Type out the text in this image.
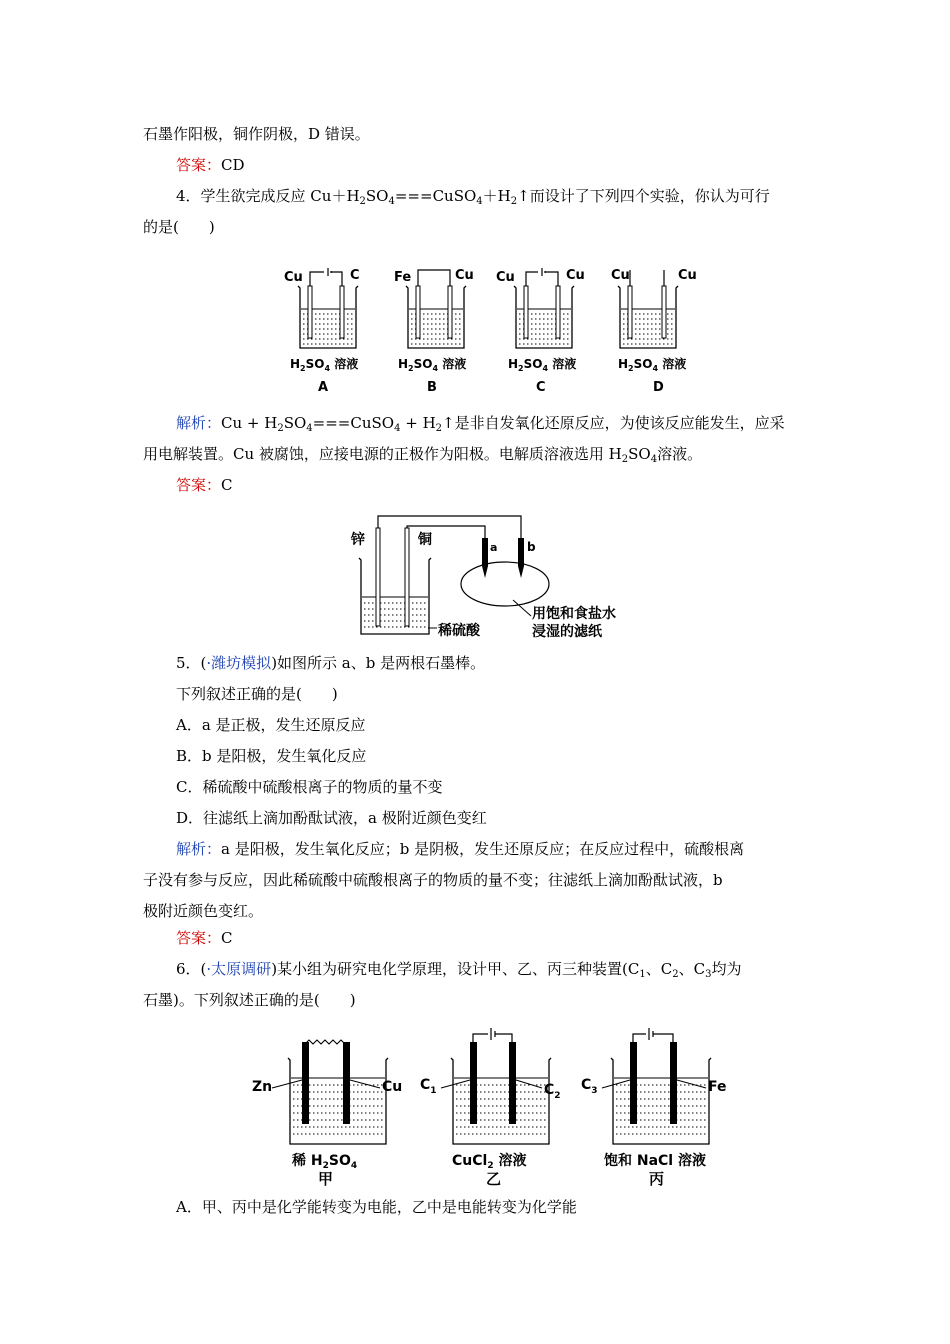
石墨作阳极，铜作阴极，D 错误。
答案：CD
4．学生欲完成反应 $Cu+H_2SO_4===CuSO_4+H_2↑$而设计了下列四个实验，你认为可行
的是(　　)
Cu	C
$H_2SO_4$ 溶液
A
Fe	Cu
$H_2SO_4$ 溶液
B
Cu	Cu
$H_2SO_4$ 溶液
C
Cu	Cu
$H_2SO_4$ 溶液
D
解析：$Cu + H_2SO_4===CuSO_4$ + $H_2↑$是非自发氧化还原反应，为使该反应能发生，应采
用电解装置。Cu 被腐蚀，应接电源的正极作为阳极。电解质溶液选用 $H_2SO_4$溶液。
答案：C
锌	铜
稀硫酸
a b
用饱和食盐水
浸湿的滤纸
5．(·潍坊模拟)如图所示 a、b 是两根石墨棒。
下列叙述正确的是(　　)
A．a 是正极，发生还原反应
B．b 是阳极，发生氧化反应
C．稀硫酸中硫酸根离子的物质的量不变
D．往滤纸上滴加酚酞试液，a 极附近颜色变红
解析：a 是阳极，发生氧化反应；b 是阴极，发生还原反应；在反应过程中，硫酸根离
子没有参与反应，因此稀硫酸中硫酸根离子的物质的量不变；往滤纸上滴加酚酞试液，b
极附近颜色变红。
答案：C
6．(·太原调研)某小组为研究电化学原理，设计甲、乙、丙三种装置($C_1$、$C_2$、$C_3$均为
石墨)。下列叙述正确的是(　　)
Zn	Cu
稀 $H_2SO_4$
甲
$C_1$	$C_2$
CuCl$_2$ 溶液
乙
$C_3$	Fe
饱和 NaCl 溶液
丙
A．甲、丙中是化学能转变为电能，乙中是电能转变为化学能
